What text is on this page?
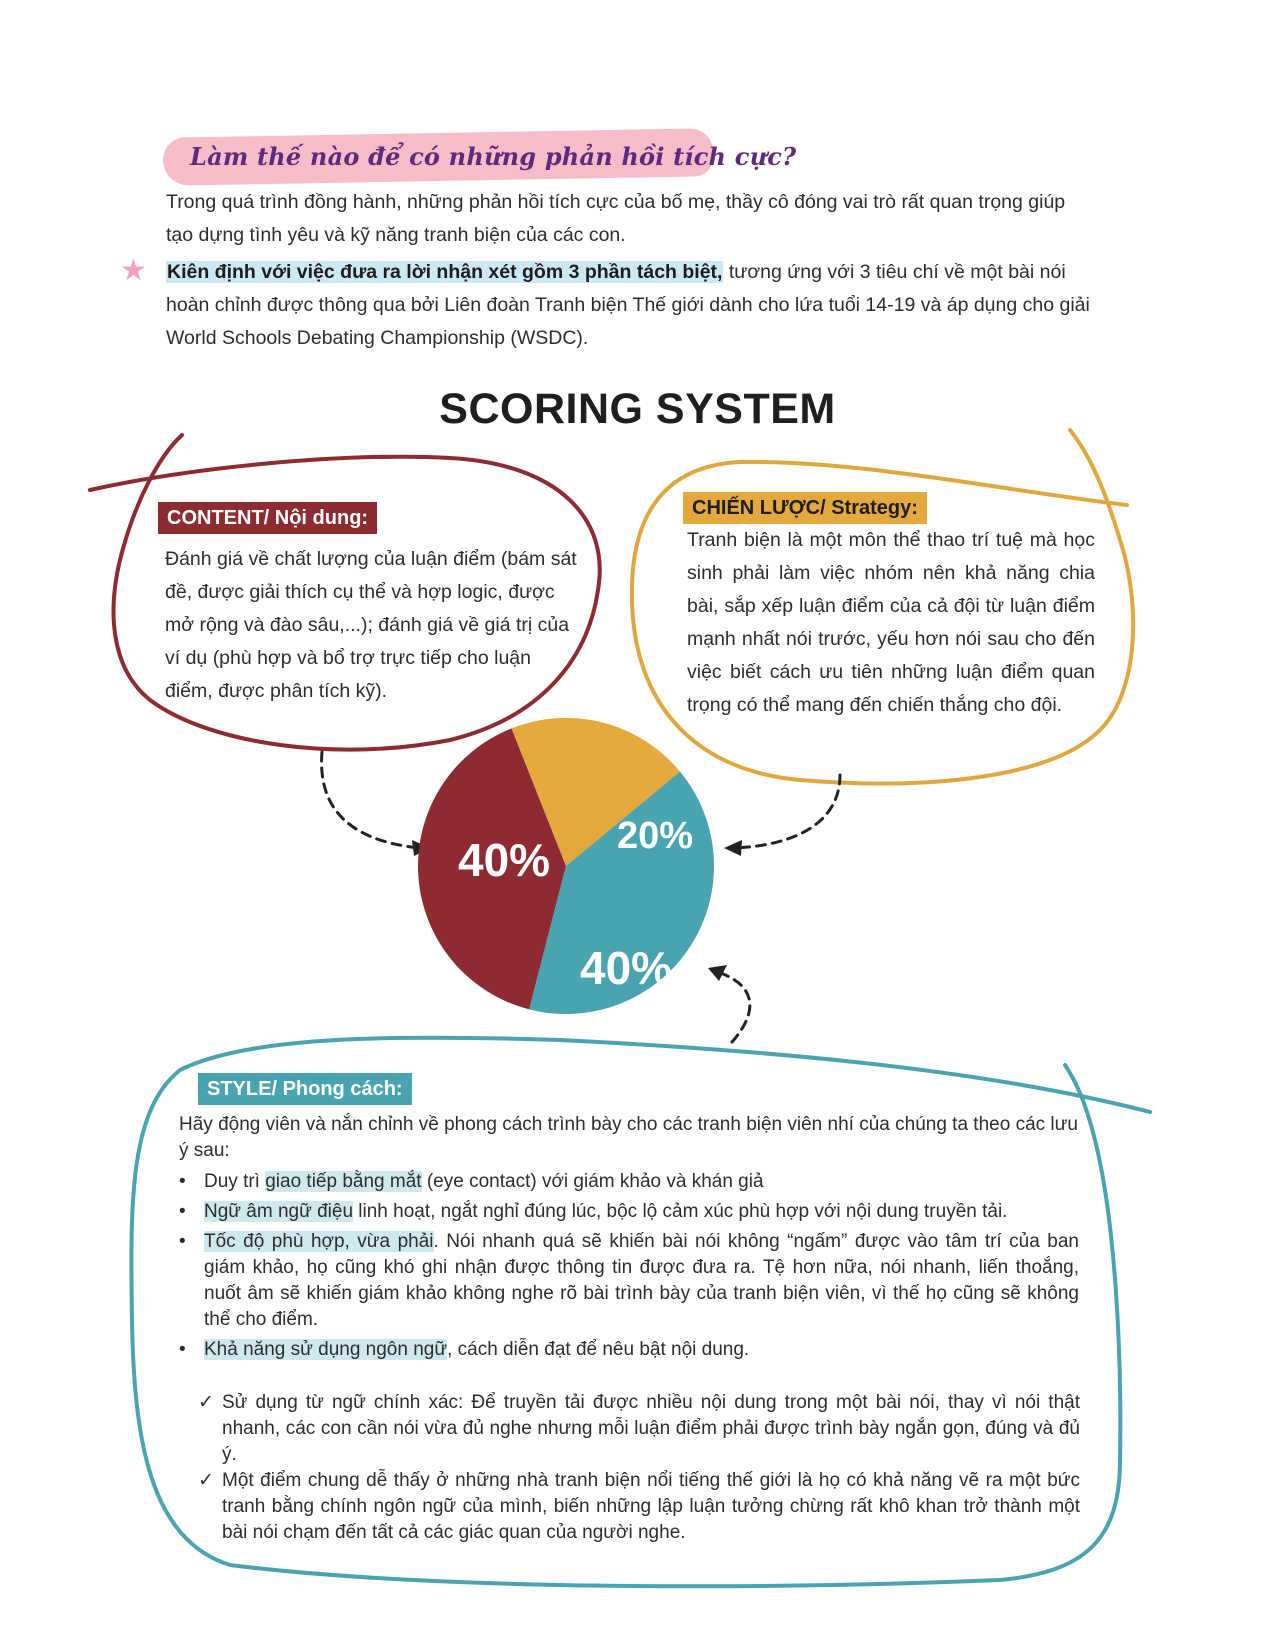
Làm thế nào để có những phản hồi tích cực?
Trong quá trình đồng hành, những phản hồi tích cực của bố mẹ, thầy cô đóng vai trò rất quan trọng giúp tạo dựng tình yêu và kỹ năng tranh biện của các con.
★ Kiên định với việc đưa ra lời nhận xét gồm 3 phần tách biệt, tương ứng với 3 tiêu chí về một bài nói hoàn chỉnh được thông qua bởi Liên đoàn Tranh biện Thế giới dành cho lứa tuổi 14-19 và áp dụng cho giải World Schools Debating Championship (WSDC).
SCORING SYSTEM
CONTENT/ Nội dung:
Đánh giá về chất lượng của luận điểm (bám sát đề, được giải thích cụ thể và hợp logic, được mở rộng và đào sâu,...); đánh giá về giá trị của ví dụ (phù hợp và bổ trợ trực tiếp cho luận điểm, được phân tích kỹ).
CHIẾN LƯỢC/ Strategy:
Tranh biện là một môn thể thao trí tuệ mà học sinh phải làm việc nhóm nên khả năng chia bài, sắp xếp luận điểm của cả đội từ luận điểm mạnh nhất nói trước, yếu hơn nói sau cho đến việc biết cách ưu tiên những luận điểm quan trọng có thể mang đến chiến thắng cho đội.
40% 20%
40%
STYLE/ Phong cách:
Hãy động viên và nắn chỉnh về phong cách trình bày cho các tranh biện viên nhí của chúng ta theo các lưu ý sau:
• Duy trì giao tiếp bằng mắt (eye contact) với giám khảo và khán giả
• Ngữ âm ngữ điệu linh hoạt, ngắt nghỉ đúng lúc, bộc lộ cảm xúc phù hợp với nội dung truyền tải.
• Tốc độ phù hợp, vừa phải. Nói nhanh quá sẽ khiến bài nói không “ngấm” được vào tâm trí của ban giám khảo, họ cũng khó ghi nhận được thông tin được đưa ra. Tệ hơn nữa, nói nhanh, liến thoắng, nuốt âm sẽ khiến giám khảo không nghe rõ bài trình bày của tranh biện viên, vì thế họ cũng sẽ không thể cho điểm.
• Khả năng sử dụng ngôn ngữ, cách diễn đạt để nêu bật nội dung.
✓ Sử dụng từ ngữ chính xác: Để truyền tải được nhiều nội dung trong một bài nói, thay vì nói thật nhanh, các con cần nói vừa đủ nghe nhưng mỗi luận điểm phải được trình bày ngắn gọn, đúng và đủ ý.
✓ Một điểm chung dễ thấy ở những nhà tranh biện nổi tiếng thế giới là họ có khả năng vẽ ra một bức tranh bằng chính ngôn ngữ của mình, biến những lập luận tưởng chừng rất khô khan trở thành một bài nói chạm đến tất cả các giác quan của người nghe.
